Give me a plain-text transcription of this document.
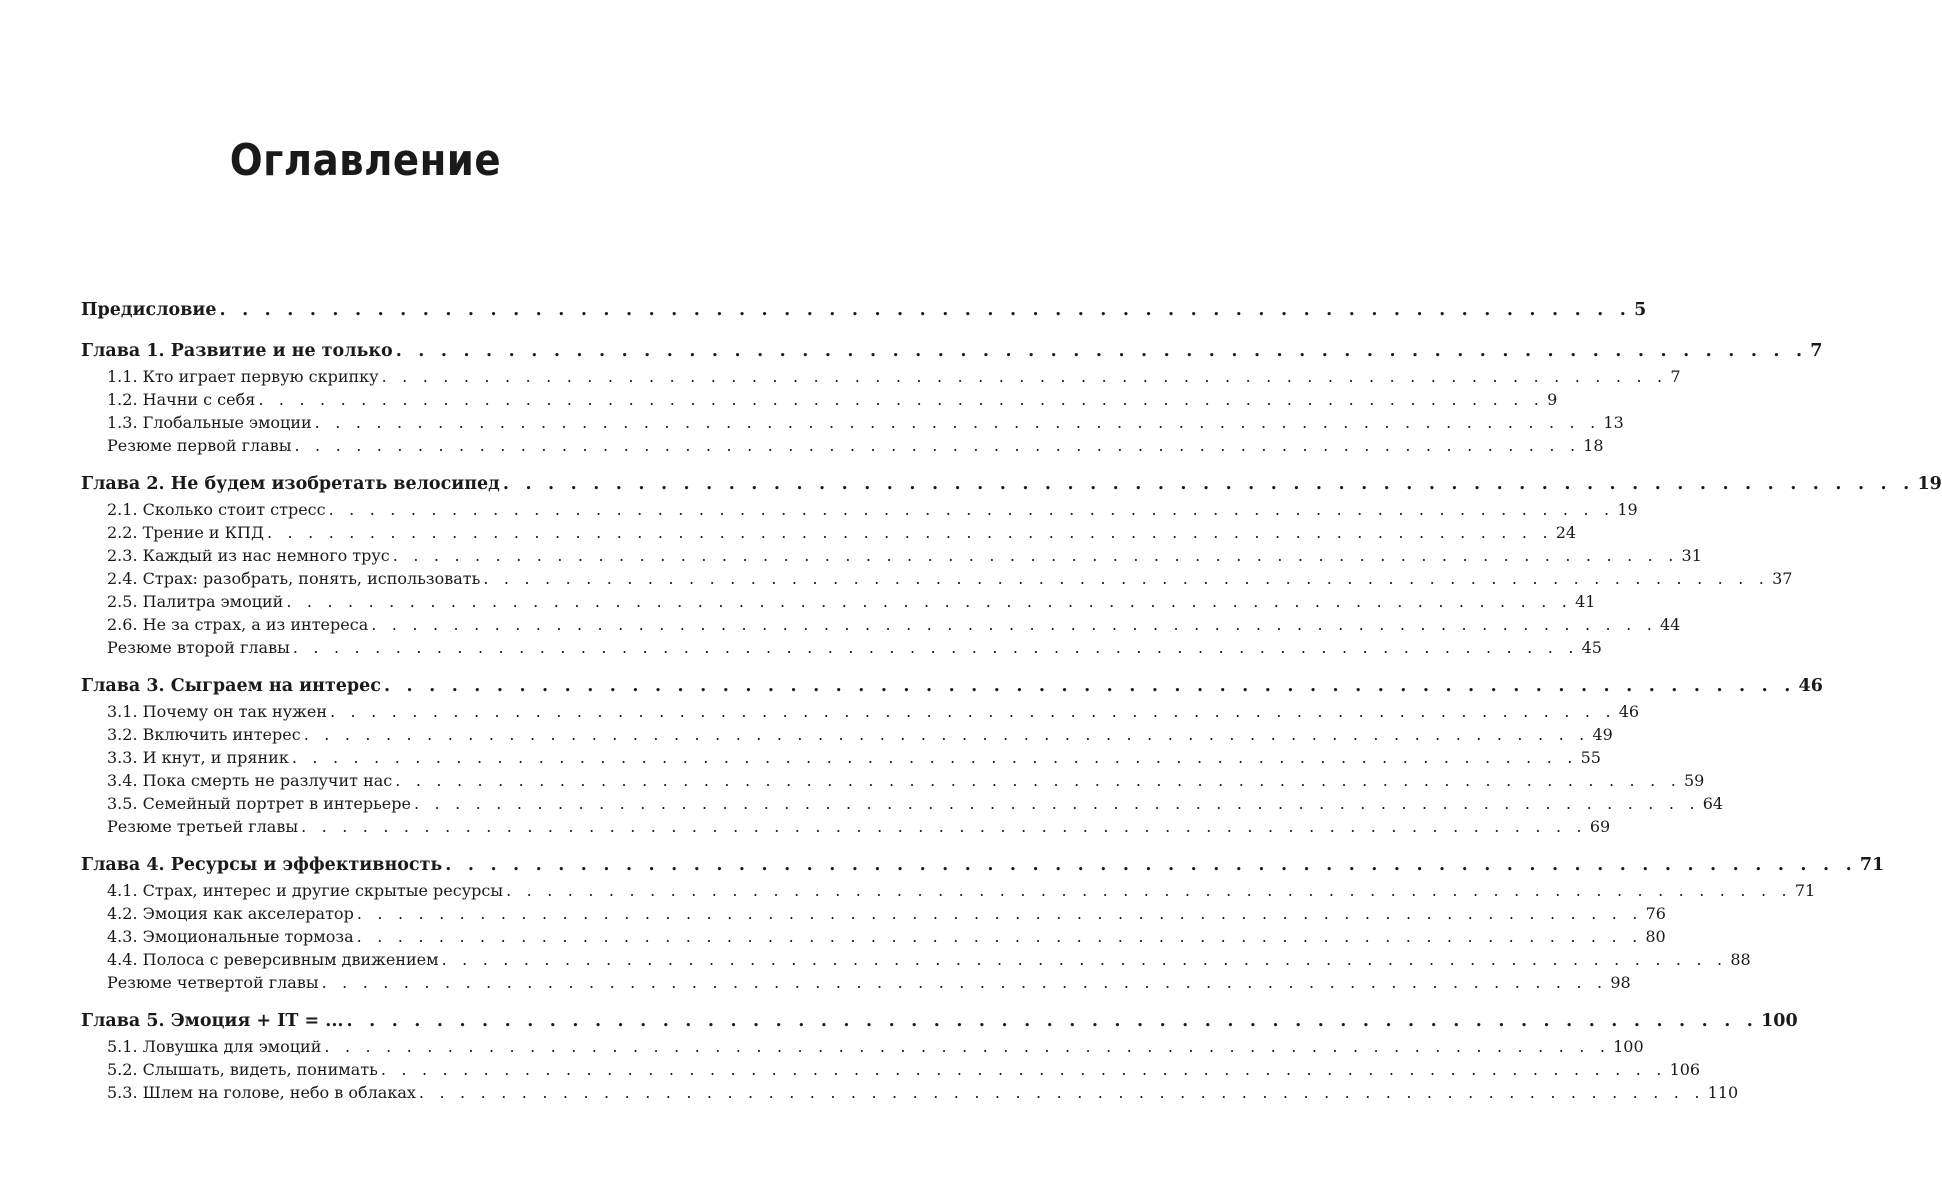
Оглавление
Предисловие . . . . . . . . . . . . . . . . . . . . . . . . . . . . . . . . . . . . . . . . . . . . . . . . . . . . . . . . . . . . . . . 5
Глава 1. Развитие и не только . . . . . . . . . . . . . . . . . . . . . . . . . . . . . . . . . . . . . . . . . . . . . . . . . . . . . . . . . . . . . . . 7
1.1. Кто играет первую скрипку . . . . . . . . . . . . . . . . . . . . . . . . . . . . . . . . . . . . . . . . . . . . . . . . . . . . . . . . . . . . . . . 7
1.2. Начни с себя . . . . . . . . . . . . . . . . . . . . . . . . . . . . . . . . . . . . . . . . . . . . . . . . . . . . . . . . . . . . . . . 9
1.3. Глобальные эмоции . . . . . . . . . . . . . . . . . . . . . . . . . . . . . . . . . . . . . . . . . . . . . . . . . . . . . . . . . . . . . . . 13
Резюме первой главы . . . . . . . . . . . . . . . . . . . . . . . . . . . . . . . . . . . . . . . . . . . . . . . . . . . . . . . . . . . . . . . 18
Глава 2. Не будем изобретать велосипед . . . . . . . . . . . . . . . . . . . . . . . . . . . . . . . . . . . . . . . . . . . . . . . . . . . . . . . . . . . . . . . 19
2.1. Сколько стоит стресс . . . . . . . . . . . . . . . . . . . . . . . . . . . . . . . . . . . . . . . . . . . . . . . . . . . . . . . . . . . . . . . 19
2.2. Трение и КПД . . . . . . . . . . . . . . . . . . . . . . . . . . . . . . . . . . . . . . . . . . . . . . . . . . . . . . . . . . . . . . . 24
2.3. Каждый из нас немного трус . . . . . . . . . . . . . . . . . . . . . . . . . . . . . . . . . . . . . . . . . . . . . . . . . . . . . . . . . . . . . . . 31
2.4. Страх: разобрать, понять, использовать . . . . . . . . . . . . . . . . . . . . . . . . . . . . . . . . . . . . . . . . . . . . . . . . . . . . . . . . . . . . . . . 37
2.5. Палитра эмоций . . . . . . . . . . . . . . . . . . . . . . . . . . . . . . . . . . . . . . . . . . . . . . . . . . . . . . . . . . . . . . . 41
2.6. Не за страх, а из интереса . . . . . . . . . . . . . . . . . . . . . . . . . . . . . . . . . . . . . . . . . . . . . . . . . . . . . . . . . . . . . . . 44
Резюме второй главы . . . . . . . . . . . . . . . . . . . . . . . . . . . . . . . . . . . . . . . . . . . . . . . . . . . . . . . . . . . . . . . 45
Глава 3. Сыграем на интерес . . . . . . . . . . . . . . . . . . . . . . . . . . . . . . . . . . . . . . . . . . . . . . . . . . . . . . . . . . . . . . . 46
3.1. Почему он так нужен . . . . . . . . . . . . . . . . . . . . . . . . . . . . . . . . . . . . . . . . . . . . . . . . . . . . . . . . . . . . . . . 46
3.2. Включить интерес . . . . . . . . . . . . . . . . . . . . . . . . . . . . . . . . . . . . . . . . . . . . . . . . . . . . . . . . . . . . . . . 49
3.3. И кнут, и пряник . . . . . . . . . . . . . . . . . . . . . . . . . . . . . . . . . . . . . . . . . . . . . . . . . . . . . . . . . . . . . . . 55
3.4. Пока смерть не разлучит нас . . . . . . . . . . . . . . . . . . . . . . . . . . . . . . . . . . . . . . . . . . . . . . . . . . . . . . . . . . . . . . . 59
3.5. Семейный портрет в интерьере . . . . . . . . . . . . . . . . . . . . . . . . . . . . . . . . . . . . . . . . . . . . . . . . . . . . . . . . . . . . . . . 64
Резюме третьей главы . . . . . . . . . . . . . . . . . . . . . . . . . . . . . . . . . . . . . . . . . . . . . . . . . . . . . . . . . . . . . . . 69
Глава 4. Ресурсы и эффективность . . . . . . . . . . . . . . . . . . . . . . . . . . . . . . . . . . . . . . . . . . . . . . . . . . . . . . . . . . . . . . . 71
4.1. Страх, интерес и другие скрытые ресурсы . . . . . . . . . . . . . . . . . . . . . . . . . . . . . . . . . . . . . . . . . . . . . . . . . . . . . . . . . . . . . . . 71
4.2. Эмоция как акселератор . . . . . . . . . . . . . . . . . . . . . . . . . . . . . . . . . . . . . . . . . . . . . . . . . . . . . . . . . . . . . . . 76
4.3. Эмоциональные тормоза . . . . . . . . . . . . . . . . . . . . . . . . . . . . . . . . . . . . . . . . . . . . . . . . . . . . . . . . . . . . . . . 80
4.4. Полоса с реверсивным движением . . . . . . . . . . . . . . . . . . . . . . . . . . . . . . . . . . . . . . . . . . . . . . . . . . . . . . . . . . . . . . . 88
Резюме четвертой главы . . . . . . . . . . . . . . . . . . . . . . . . . . . . . . . . . . . . . . . . . . . . . . . . . . . . . . . . . . . . . . . 98
Глава 5. Эмоция + IT = ... . . . . . . . . . . . . . . . . . . . . . . . . . . . . . . . . . . . . . . . . . . . . . . . . . . . . . . . . . . . . . . . 100
5.1. Ловушка для эмоций . . . . . . . . . . . . . . . . . . . . . . . . . . . . . . . . . . . . . . . . . . . . . . . . . . . . . . . . . . . . . . . 100
5.2. Слышать, видеть, понимать . . . . . . . . . . . . . . . . . . . . . . . . . . . . . . . . . . . . . . . . . . . . . . . . . . . . . . . . . . . . . . . 106
5.3. Шлем на голове, небо в облаках . . . . . . . . . . . . . . . . . . . . . . . . . . . . . . . . . . . . . . . . . . . . . . . . . . . . . . . . . . . . . . . 110
